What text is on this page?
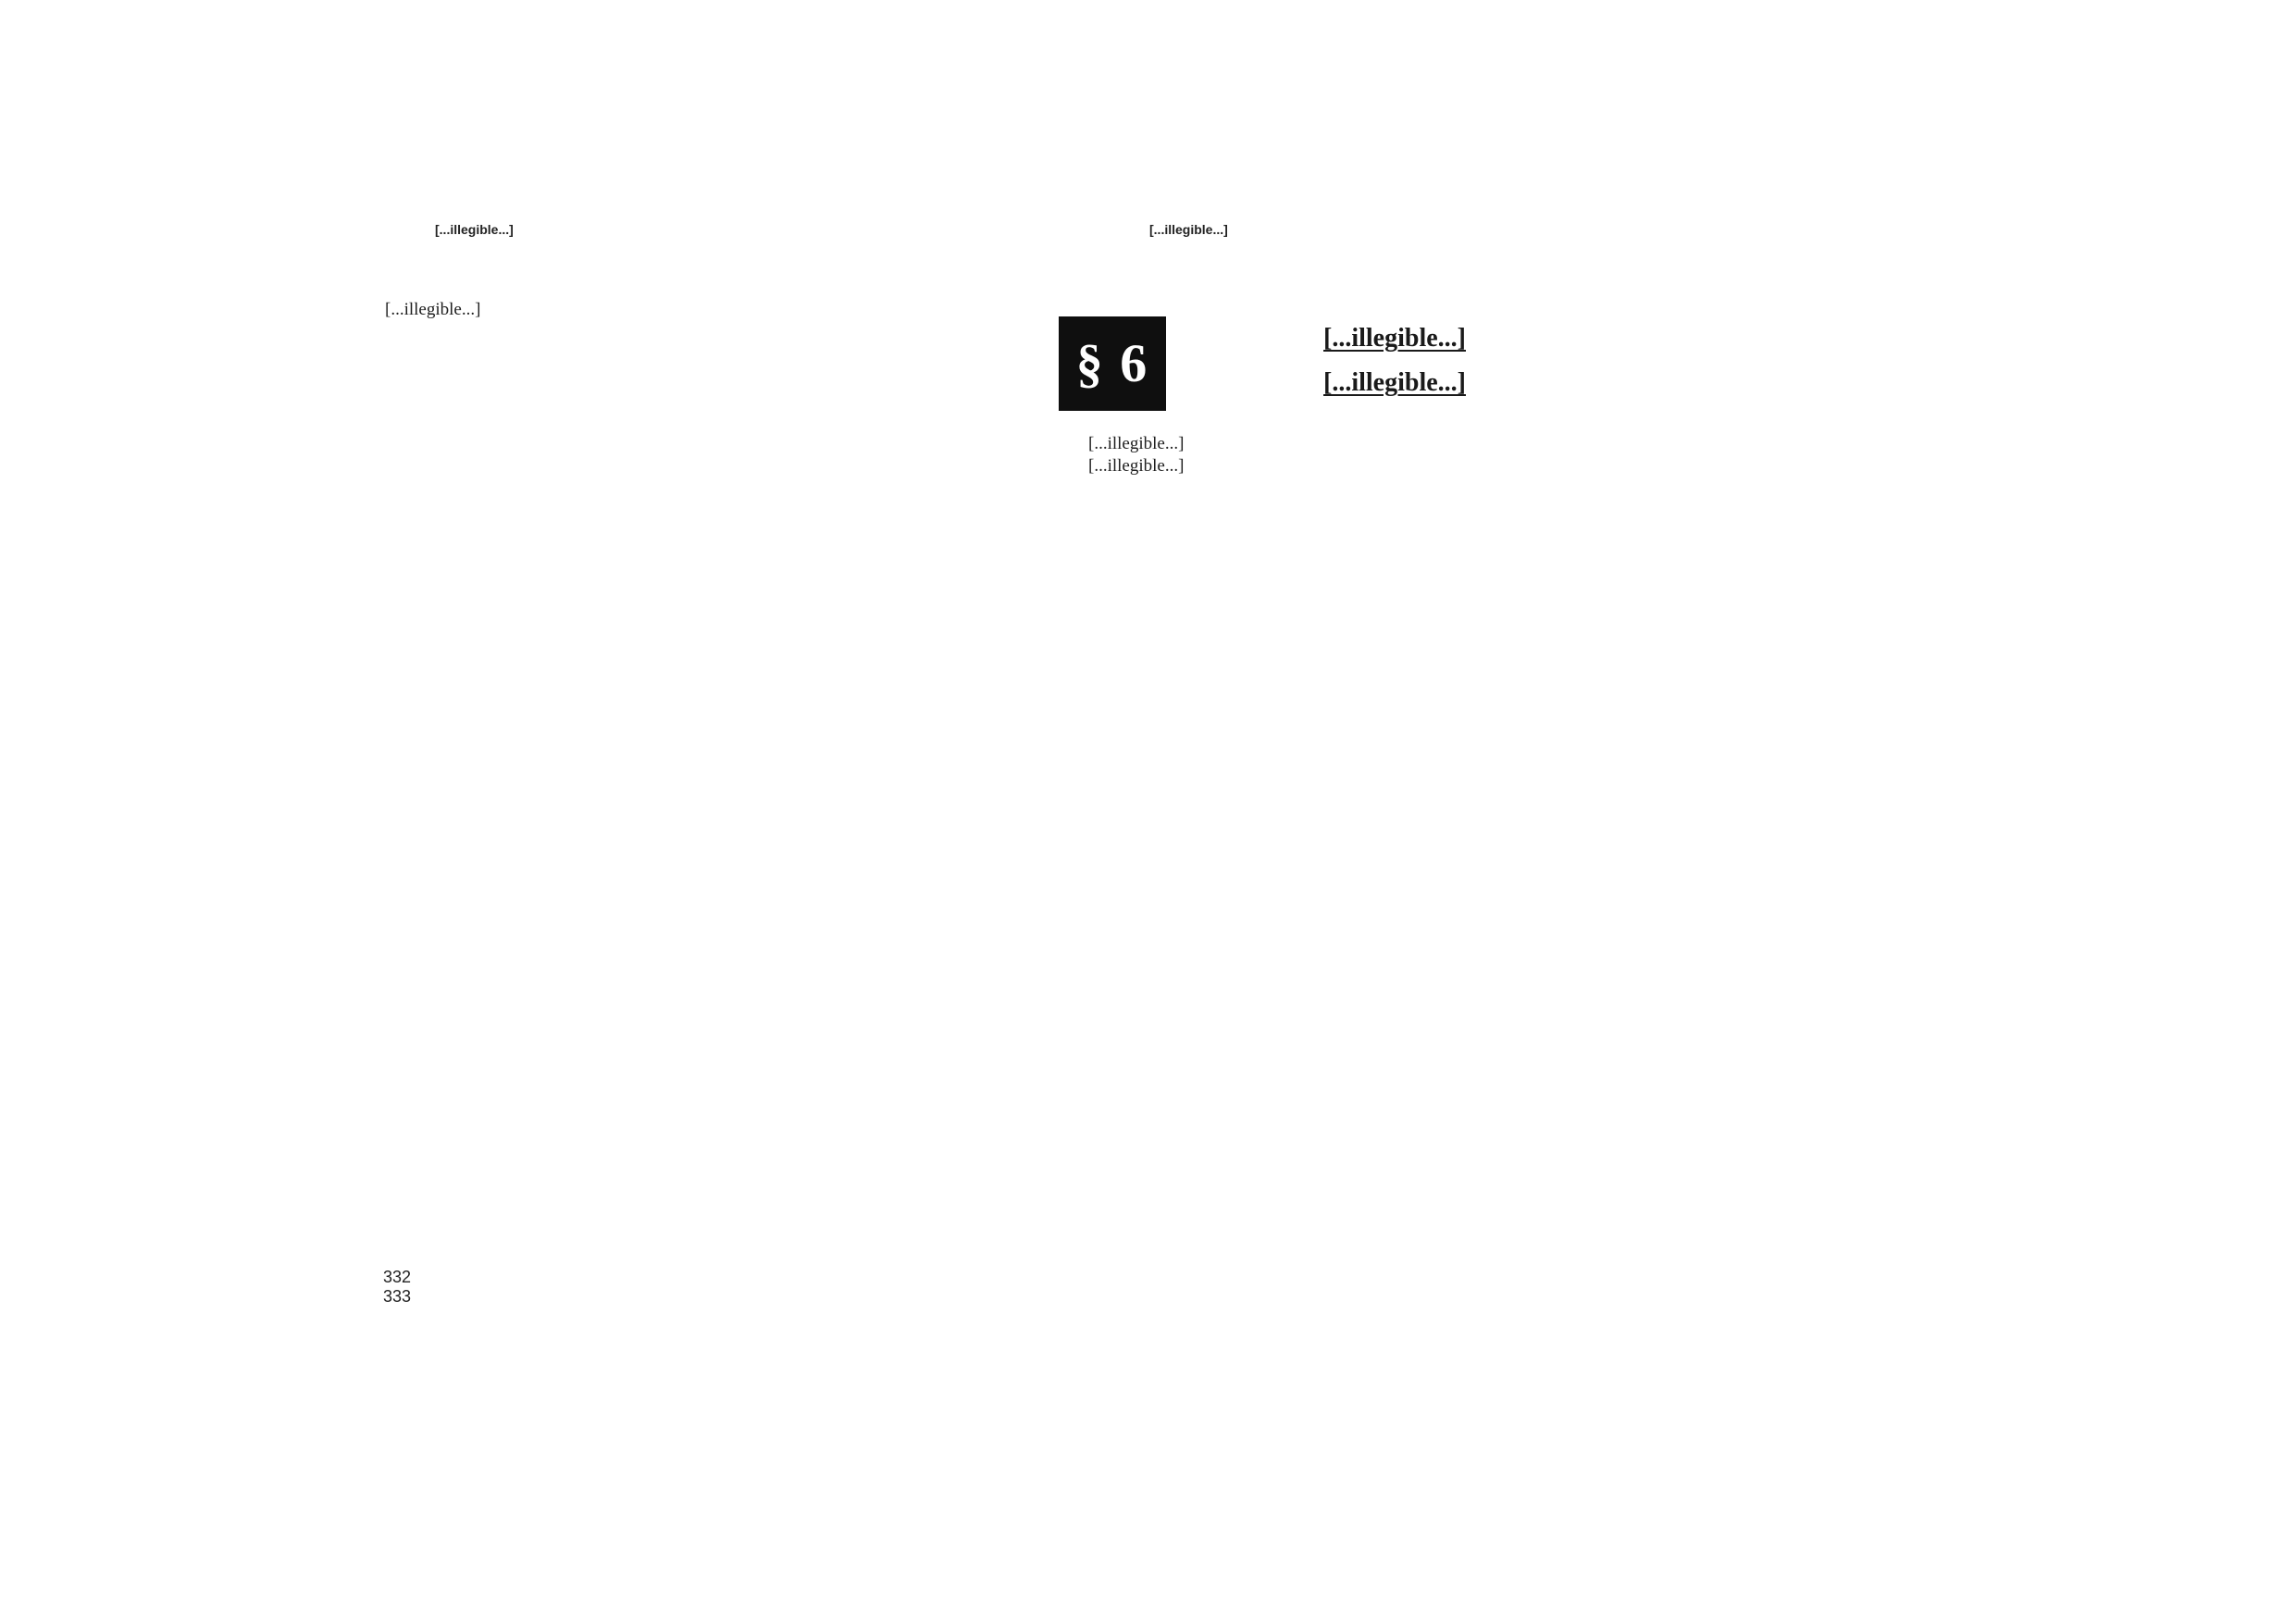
[...illegible...]	[...illegible...]

[...illegible...]

§ 6	[...illegible...]
[...illegible...]

[...illegible...]

[...illegible...]

332
333
